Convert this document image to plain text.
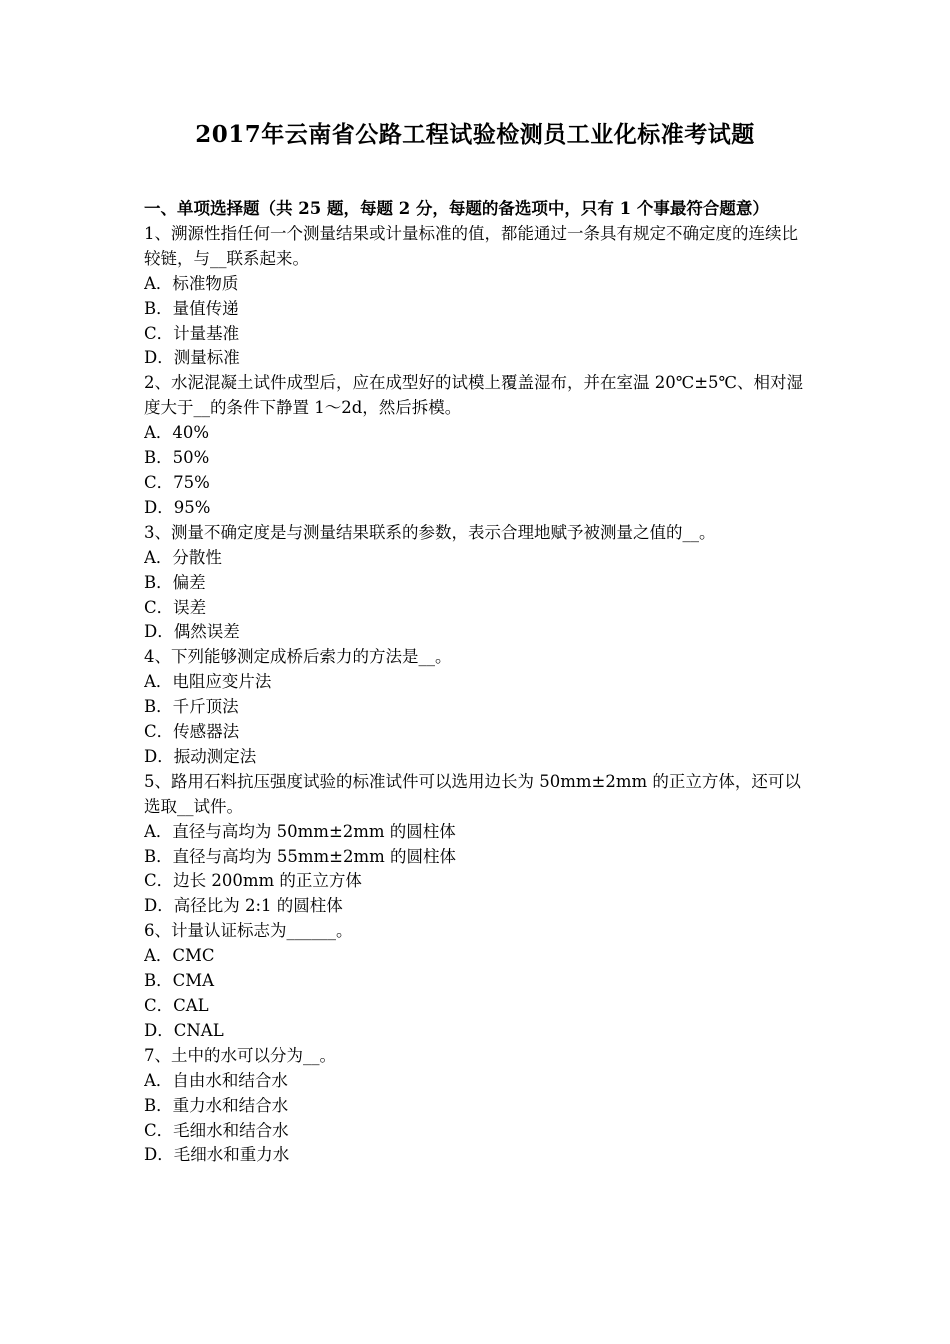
2017年云南省公路工程试验检测员工业化标准考试题
一、单项选择题（共 25 题，每题 2 分，每题的备选项中，只有 1 个事最符合题意）
1、溯源性指任何一个测量结果或计量标准的值，都能通过一条具有规定不确定度的连续比较链，与__联系起来。
A．标准物质
B．量值传递
C．计量基准
D．测量标准
2、水泥混凝土试件成型后，应在成型好的试模上覆盖湿布，并在室温 20℃±5℃、相对湿度大于__的条件下静置 1～2d，然后拆模。
A．40%
B．50%
C．75%
D．95%
3、测量不确定度是与测量结果联系的参数，表示合理地赋予被测量之值的__。
A．分散性
B．偏差
C．误差
D．偶然误差
4、下列能够测定成桥后索力的方法是__。
A．电阻应变片法
B．千斤顶法
C．传感器法
D．振动测定法
5、路用石料抗压强度试验的标准试件可以选用边长为 50mm±2mm 的正立方体，还可以选取__试件。
A．直径与高均为 50mm±2mm 的圆柱体
B．直径与高均为 55mm±2mm 的圆柱体
C．边长 200mm 的正立方体
D．高径比为 2:1 的圆柱体
6、计量认证标志为______。
A．CMC
B．CMA
C．CAL
D．CNAL
7、土中的水可以分为__。
A．自由水和结合水
B．重力水和结合水
C．毛细水和结合水
D．毛细水和重力水
